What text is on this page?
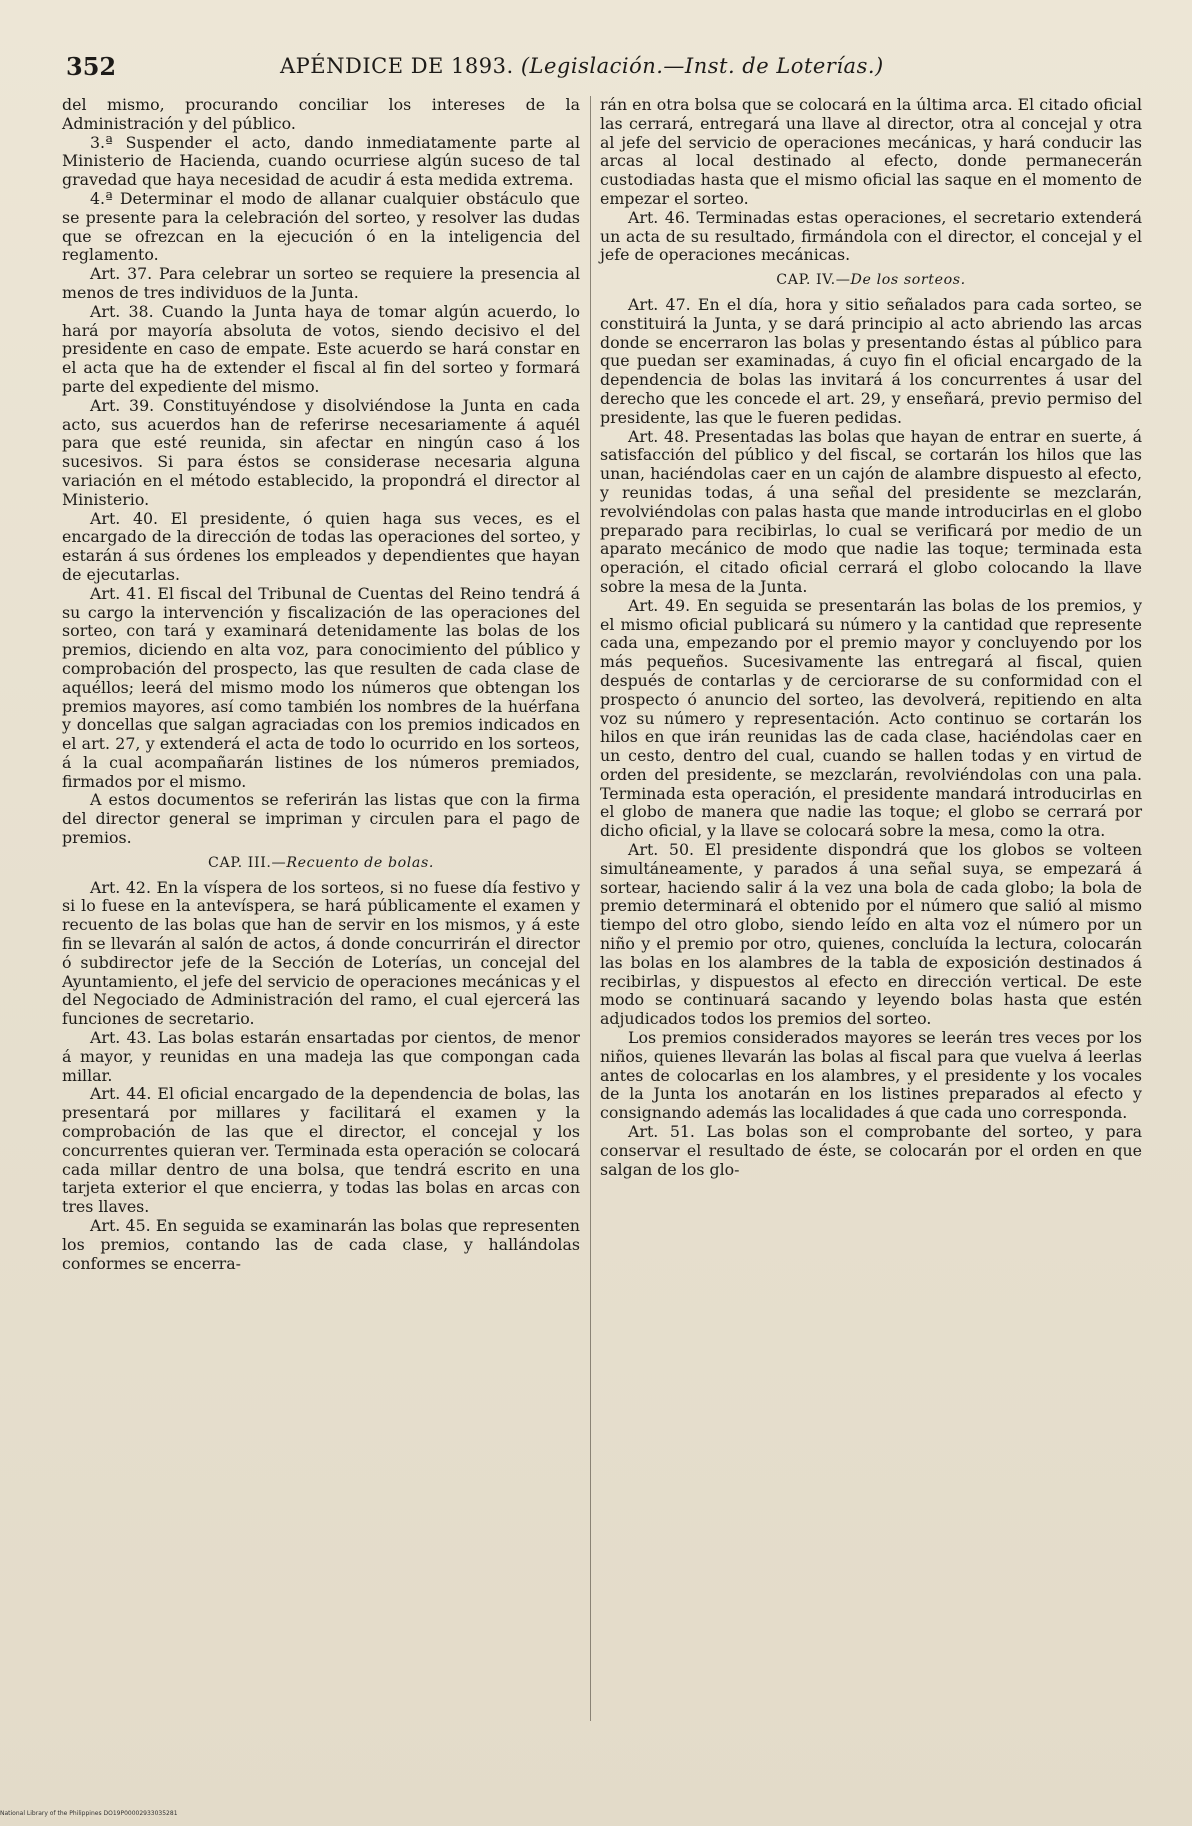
352	APÉNDICE DE 1893. (Legislación.—Inst. de Loterías.)

del mismo, procurando conciliar los intereses de la Administración y del público.

3.ª Suspender el acto, dando inmediatamente parte al Ministerio de Hacienda, cuando ocurriese algún suceso de tal gravedad que haya necesidad de acudir á esta medida extrema.

4.ª Determinar el modo de allanar cualquier obstáculo que se presente para la celebración del sorteo, y resolver las dudas que se ofrezcan en la ejecución ó en la inteligencia del reglamento.

Art. 37. Para celebrar un sorteo se requiere la presencia al menos de tres individuos de la Junta.

Art. 38. Cuando la Junta haya de tomar algún acuerdo, lo hará por mayoría absoluta de votos, siendo decisivo el del presidente en caso de empate. Este acuerdo se hará constar en el acta que ha de extender el fiscal al fin del sorteo y formará parte del expediente del mismo.

Art. 39. Constituyéndose y disolviéndose la Junta en cada acto, sus acuerdos han de referirse necesariamente á aquél para que esté reunida, sin afectar en ningún caso á los sucesivos. Si para éstos se considerase necesaria alguna variación en el método establecido, la propondrá el director al Ministerio.

Art. 40. El presidente, ó quien haga sus veces, es el encargado de la dirección de todas las operaciones del sorteo, y estarán á sus órdenes los empleados y dependientes que hayan de ejecutarlas.

Art. 41. El fiscal del Tribunal de Cuentas del Reino tendrá á su cargo la intervención y fiscalización de las operaciones del sorteo, con tará y examinará detenidamente las bolas de los premios, diciendo en alta voz, para conocimiento del público y comprobación del prospecto, las que resulten de cada clase de aquéllos; leerá del mismo modo los números que obtengan los premios mayores, así como también los nombres de la huérfana y doncellas que salgan agraciadas con los premios indicados en el art. 27, y extenderá el acta de todo lo ocurrido en los sorteos, á la cual acompañarán listines de los números premiados, firmados por el mismo.

A estos documentos se referirán las listas que con la firma del director general se impriman y circulen para el pago de premios.

CAP. III.—Recuento de bolas.

Art. 42. En la víspera de los sorteos, si no fuese día festivo y si lo fuese en la antevíspera, se hará públicamente el examen y recuento de las bolas que han de servir en los mismos, y á este fin se llevarán al salón de actos, á donde concurrirán el director ó subdirector jefe de la Sección de Loterías, un concejal del Ayuntamiento, el jefe del servicio de operaciones mecánicas y el del Negociado de Administración del ramo, el cual ejercerá las funciones de secretario.

Art. 43. Las bolas estarán ensartadas por cientos, de menor á mayor, y reunidas en una madeja las que compongan cada millar.

Art. 44. El oficial encargado de la dependencia de bolas, las presentará por millares y facilitará el examen y la comprobación de las que el director, el concejal y los concurrentes quieran ver. Terminada esta operación se colocará cada millar dentro de una bolsa, que tendrá escrito en una tarjeta exterior el que encierra, y todas las bolas en arcas con tres llaves.

Art. 45. En seguida se examinarán las bolas que representen los premios, contando las de cada clase, y hallándolas conformes se encerra-

rán en otra bolsa que se colocará en la última arca. El citado oficial las cerrará, entregará una llave al director, otra al concejal y otra al jefe del servicio de operaciones mecánicas, y hará conducir las arcas al local destinado al efecto, donde permanecerán custodiadas hasta que el mismo oficial las saque en el momento de empezar el sorteo.

Art. 46. Terminadas estas operaciones, el secretario extenderá un acta de su resultado, firmándola con el director, el concejal y el jefe de operaciones mecánicas.

CAP. IV.—De los sorteos.

Art. 47. En el día, hora y sitio señalados para cada sorteo, se constituirá la Junta, y se dará principio al acto abriendo las arcas donde se encerraron las bolas y presentando éstas al público para que puedan ser examinadas, á cuyo fin el oficial encargado de la dependencia de bolas las invitará á los concurrentes á usar del derecho que les concede el art. 29, y enseñará, previo permiso del presidente, las que le fueren pedidas.

Art. 48. Presentadas las bolas que hayan de entrar en suerte, á satisfacción del público y del fiscal, se cortarán los hilos que las unan, haciéndolas caer en un cajón de alambre dispuesto al efecto, y reunidas todas, á una señal del presidente se mezclarán, revolviéndolas con palas hasta que mande introducirlas en el globo preparado para recibirlas, lo cual se verificará por medio de un aparato mecánico de modo que nadie las toque; terminada esta operación, el citado oficial cerrará el globo colocando la llave sobre la mesa de la Junta.

Art. 49. En seguida se presentarán las bolas de los premios, y el mismo oficial publicará su número y la cantidad que represente cada una, empezando por el premio mayor y concluyendo por los más pequeños. Sucesivamente las entregará al fiscal, quien después de contarlas y de cerciorarse de su conformidad con el prospecto ó anuncio del sorteo, las devolverá, repitiendo en alta voz su número y representación. Acto continuo se cortarán los hilos en que irán reunidas las de cada clase, haciéndolas caer en un cesto, dentro del cual, cuando se hallen todas y en virtud de orden del presidente, se mezclarán, revolviéndolas con una pala. Terminada esta operación, el presidente mandará introducirlas en el globo de manera que nadie las toque; el globo se cerrará por dicho oficial, y la llave se colocará sobre la mesa, como la otra.

Art. 50. El presidente dispondrá que los globos se volteen simultáneamente, y parados á una señal suya, se empezará á sortear, haciendo salir á la vez una bola de cada globo; la bola de premio determinará el obtenido por el número que salió al mismo tiempo del otro globo, siendo leído en alta voz el número por un niño y el premio por otro, quienes, concluída la lectura, colocarán las bolas en los alambres de la tabla de exposición destinados á recibirlas, y dispuestos al efecto en dirección vertical. De este modo se continuará sacando y leyendo bolas hasta que estén adjudicados todos los premios del sorteo.

Los premios considerados mayores se leerán tres veces por los niños, quienes llevarán las bolas al fiscal para que vuelva á leerlas antes de colocarlas en los alambres, y el presidente y los vocales de la Junta los anotarán en los listines preparados al efecto y consignando además las localidades á que cada uno corresponda.

Art. 51. Las bolas son el comprobante del sorteo, y para conservar el resultado de éste, se colocarán por el orden en que salgan de los glo-

National Library of the Philippines DO19P00002933035281
